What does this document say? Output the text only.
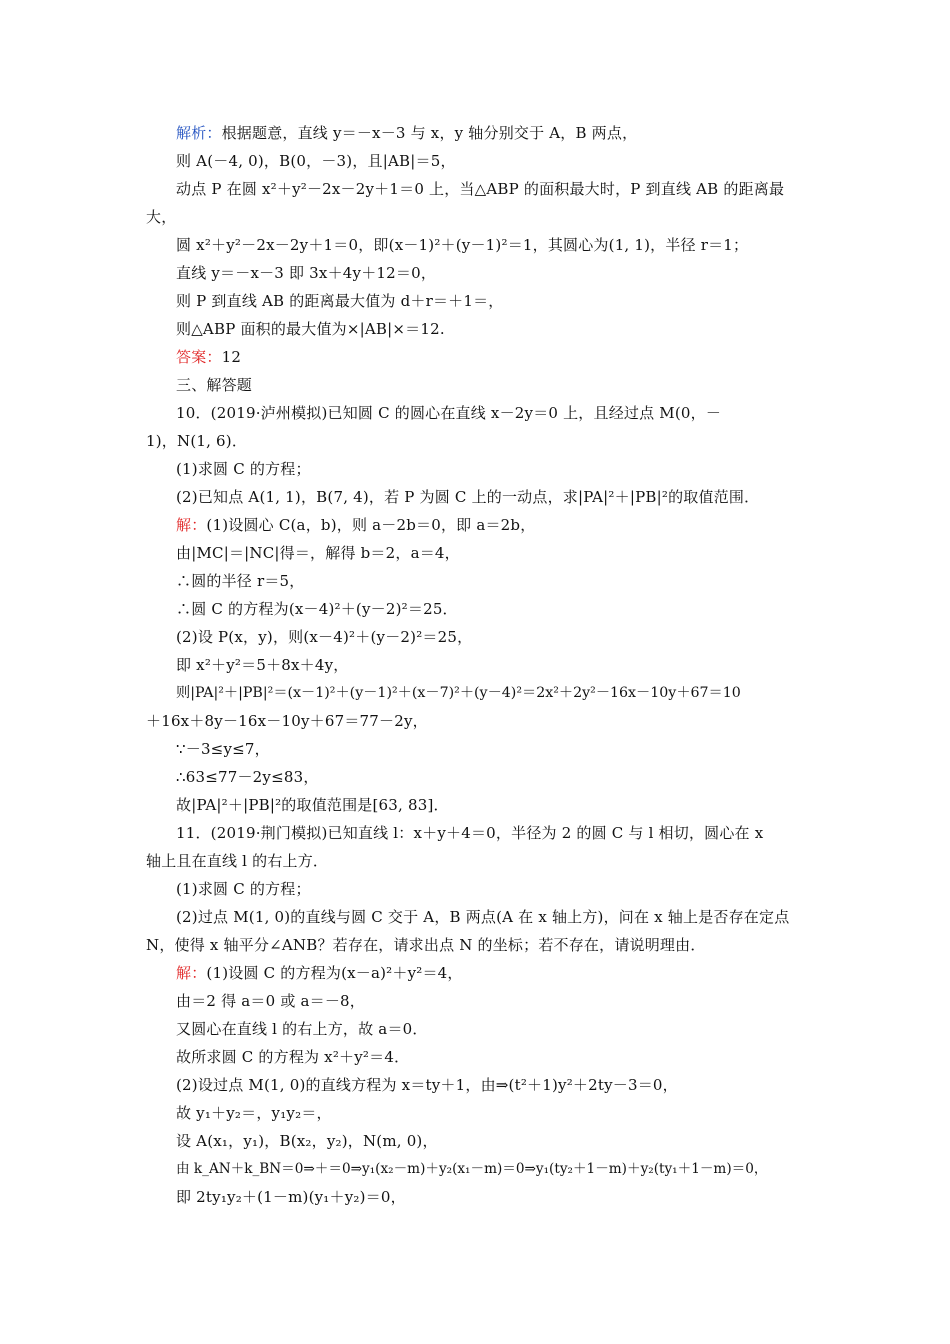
解析：根据题意，直线 y＝－x－3 与 x，y 轴分别交于 A，B 两点，
则 A(－4, 0)，B(0，－3)，且|AB|＝5，
动点 P 在圆 x²＋y²－2x－2y＋1＝0 上，当△ABP 的面积最大时，P 到直线 AB 的距离最
大，
圆 x²＋y²－2x－2y＋1＝0，即(x－1)²＋(y－1)²＝1，其圆心为(1, 1)，半径 r＝1；
直线 y＝－x－3 即 3x＋4y＋12＝0，
则 P 到直线 AB 的距离最大值为 d＋r＝＋1＝，
则△ABP 面积的最大值为×|AB|×＝12.
答案：12
三、解答题
10．(2019·泸州模拟)已知圆 C 的圆心在直线 x－2y＝0 上，且经过点 M(0，－
1)，N(1, 6)．
(1)求圆 C 的方程；
(2)已知点 A(1, 1)，B(7, 4)，若 P 为圆 C 上的一动点，求|PA|²＋|PB|²的取值范围．
解：(1)设圆心 C(a，b)，则 a－2b＝0，即 a＝2b，
由|MC|＝|NC|得＝，解得 b＝2，a＝4，
∴圆的半径 r＝5，
∴圆 C 的方程为(x－4)²＋(y－2)²＝25．
(2)设 P(x，y)，则(x－4)²＋(y－2)²＝25，
即 x²＋y²＝5＋8x＋4y，
则|PA|²＋|PB|²＝(x－1)²＋(y－1)²＋(x－7)²＋(y－4)²＝2x²＋2y²－16x－10y＋67＝10
＋16x＋8y－16x－10y＋67＝77－2y，
∵－3≤y≤7，
∴63≤77－2y≤83，
故|PA|²＋|PB|²的取值范围是[63, 83]．
11．(2019·荆门模拟)已知直线 l：x＋y＋4＝0，半径为 2 的圆 C 与 l 相切，圆心在 x
轴上且在直线 l 的右上方．
(1)求圆 C 的方程；
(2)过点 M(1, 0)的直线与圆 C 交于 A，B 两点(A 在 x 轴上方)，问在 x 轴上是否存在定点
N，使得 x 轴平分∠ANB？若存在，请求出点 N 的坐标；若不存在，请说明理由．
解：(1)设圆 C 的方程为(x－a)²＋y²＝4，
由＝2 得 a＝0 或 a＝－8，
又圆心在直线 l 的右上方，故 a＝0．
故所求圆 C 的方程为 x²＋y²＝4．
(2)设过点 M(1, 0)的直线方程为 x＝ty＋1，由⇒(t²＋1)y²＋2ty－3＝0，
故 y₁＋y₂＝，y₁y₂＝，
设 A(x₁，y₁)，B(x₂，y₂)，N(m, 0)，
由 k_AN＋k_BN＝0⇒＋＝0⇒y₁(x₂－m)＋y₂(x₁－m)＝0⇒y₁(ty₂＋1－m)＋y₂(ty₁＋1－m)＝0，
即 2ty₁y₂＋(1－m)(y₁＋y₂)＝0，
